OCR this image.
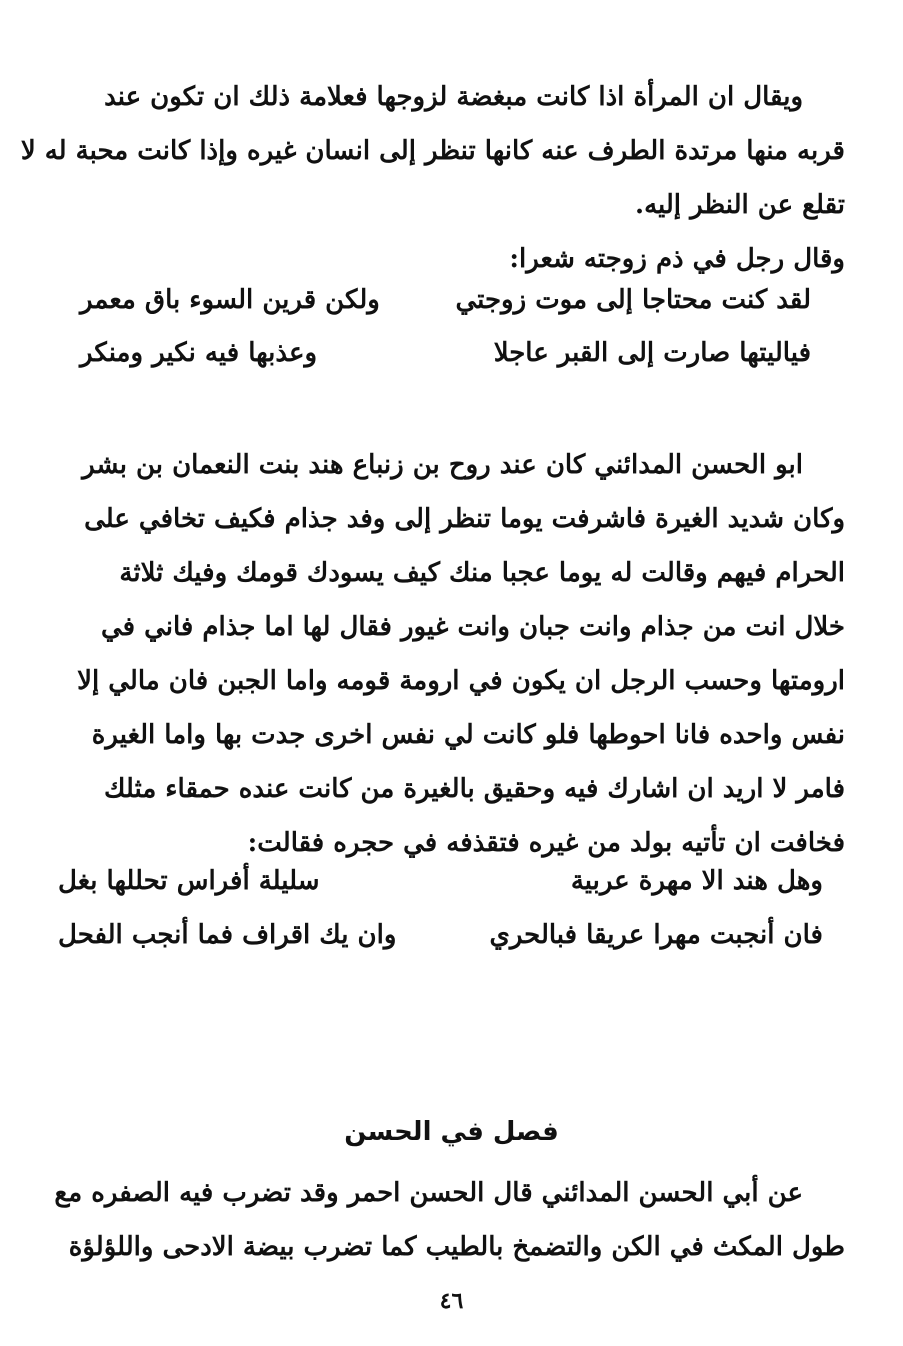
ويقال ان المرأة اذا كانت مبغضة لزوجها فعلامة ذلك ان تكون عند
قربه منها مرتدة الطرف عنه كانها تنظر إلى انسان غيره وإذا كانت محبة له لا
تقلع عن النظر إليه.
وقال رجل في ذم زوجته شعرا:
لقد كنت محتاجا إلى موت زوجتي
ولكن قرين السوء باق معمر
فياليتها صارت إلى القبر عاجلا
وعذبها فيه نكير ومنكر
ابو الحسن المدائني كان عند روح بن زنباع هند بنت النعمان بن بشر
وكان شديد الغيرة فاشرفت يوما تنظر إلى وفد جذام فكيف تخافي على
الحرام فيهم وقالت له يوما عجبا منك كيف يسودك قومك وفيك ثلاثة
خلال انت من جذام وانت جبان وانت غيور فقال لها اما جذام فاني في
ارومتها وحسب الرجل ان يكون في ارومة قومه واما الجبن فان مالي إلا
نفس واحده فانا احوطها فلو كانت لي نفس اخرى جدت بها واما الغيرة
فامر لا اريد ان اشارك فيه وحقيق بالغيرة من كانت عنده حمقاء مثلك
فخافت ان تأتيه بولد من غيره فتقذفه في حجره فقالت:
وهل هند الا مهرة عربية
سليلة أفراس تحللها بغل
فان أنجبت مهرا عريقا فبالحري
وان يك اقراف فما أنجب الفحل
فصل في الحسن
عن أبي الحسن المدائني قال الحسن احمر وقد تضرب فيه الصفره مع
طول المكث في الكن والتضمخ بالطيب كما تضرب بيضة الادحى واللؤلؤة
٤٦
